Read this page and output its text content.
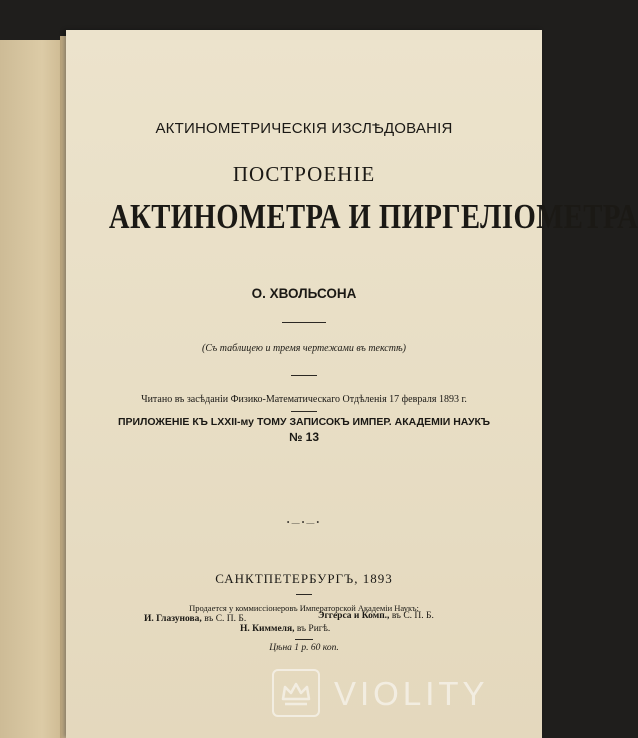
АКТИНОМЕТРИЧЕСКІЯ ИЗСЛѢДОВАНІЯ
ПОСТРОЕНІЕ
АКТИНОМЕТРА И ПИРГЕЛІОМЕТРА
О. ХВОЛЬСОНА
(Съ таблицею и тремя чертежами въ текстѣ)
Читано въ засѣданіи Физико-Математическаго Отдѣленія 17 февраля 1893 г.
ПРИЛОЖЕНІЕ КЪ LXXII-му ТОМУ ЗАПИСОКЪ ИМПЕР. АКАДЕМІИ НАУКЪ
№ 13
•—•—•
САНКТПЕТЕРБУРГЪ, 1893
Продается у коммиссіонеровъ Императорской Академіи Наукъ:
И. Глазунова, въ С. П. Б.	Эггерса и Комп., въ С. П. Б.
Н. Киммеля, въ Ригѣ.
Цѣна 1 р. 60 коп.
VIOLITY
